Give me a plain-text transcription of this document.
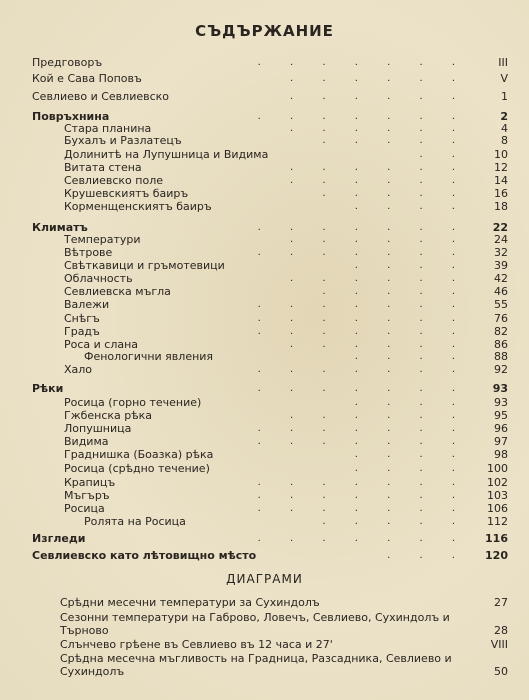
СЪДЪРЖАНИЕ
Предговоръ	. . . . . . .	III
Кой е Сава Поповъ	. . . . . .	V
Севлиево и Севлиевско	. . . . . .	1
Повръхнина	. . . . . . .	2
Стара планина	. . . . . .	4
Бухалъ и Разлатецъ	. . . . .	8
Долинитѣ на Лупушница и Видима	. . 10
Витата стена	. . . . . . 12
Севлиевско поле	. . . . . . 14
Крушевскиятъ баиръ	. . . . . 16
Корменщенскиятъ баиръ	. . . . 18
Климатъ	. . . . . . . 22
Температури	. . . . . . 24
Вѣтрове	. . . . . . . 32
Свѣткавици и гръмотевици	. . . . 39
Облачность	. . . . . . 42
Севлиевска мъгла	. . . . . 46
Валежи	. . . . . . . 55
Снѣгъ	. . . . . . . 76
Градъ	. . . . . . . 82
Роса и слана	. . . . . . 86
Фенологични явления	. . . . 88
Хало	. . . . . . . 92
Рѣки	. . . . . . . 93
Росица (горно течение)	. . . . 93
Гжбенска рѣка	. . . . . . 95
Лопушница	. . . . . . . 96
Видима	. . . . . . . 97
Граднишка (Боазка) рѣка	. . . . 98
Росица (срѣдно течение)	. . . . 100
Крапицъ	. . . . . . . 102
Мъгъръ	. . . . . . . 103
Росица	. . . . . . . 106
Ролята на Росица	. . . . . 112
Изгледи	. . . . . . . 116
Севлиевско като лѣтовищно мѣсто	. . . 120
ДИАГРАМИ
Срѣдни месечни температури за Сухиндолъ	27
Сезонни температури на Габрово, Ловечъ, Севлиево, Сухиндолъ и Търново	28
Слънчево грѣене въ Севлиево въ 12 часа и 27'	VIII
Срѣдна месечна мъгливость на Градница, Разсадника, Севлиево и Сухиндолъ	50
